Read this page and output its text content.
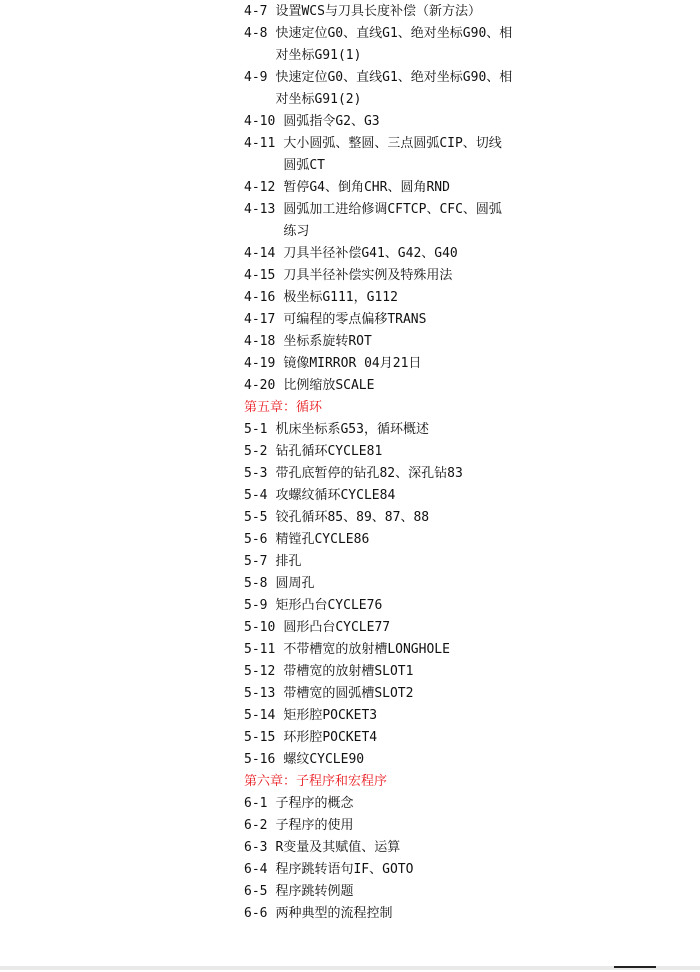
4-7 设置WCS与刀具长度补偿（新方法）
4-8 快速定位G0、直线G1、绝对坐标G90、相
对坐标G91(1)
4-9 快速定位G0、直线G1、绝对坐标G90、相
对坐标G91(2)
4-10 圆弧指令G2、G3
4-11 大小圆弧、整圆、三点圆弧CIP、切线
圆弧CT
4-12 暂停G4、倒角CHR、圆角RND
4-13 圆弧加工进给修调CFTCP、CFC、圆弧
练习
4-14 刀具半径补偿G41、G42、G40
4-15 刀具半径补偿实例及特殊用法
4-16 极坐标G111，G112
4-17 可编程的零点偏移TRANS
4-18 坐标系旋转ROT
4-19 镜像MIRROR 04月21日
4-20 比例缩放SCALE
第五章：循环
5-1 机床坐标系G53，循环概述
5-2 钻孔循环CYCLE81
5-3 带孔底暂停的钻孔82、深孔钻83
5-4 攻螺纹循环CYCLE84
5-5 铰孔循环85、89、87、88
5-6 精镗孔CYCLE86
5-7 排孔
5-8 圆周孔
5-9 矩形凸台CYCLE76
5-10 圆形凸台CYCLE77
5-11 不带槽宽的放射槽LONGHOLE
5-12 带槽宽的放射槽SLOT1
5-13 带槽宽的圆弧槽SLOT2
5-14 矩形腔POCKET3
5-15 环形腔POCKET4
5-16 螺纹CYCLE90
第六章：子程序和宏程序
6-1 子程序的概念
6-2 子程序的使用
6-3 R变量及其赋值、运算
6-4 程序跳转语句IF、GOTO
6-5 程序跳转例题
6-6 两种典型的流程控制
